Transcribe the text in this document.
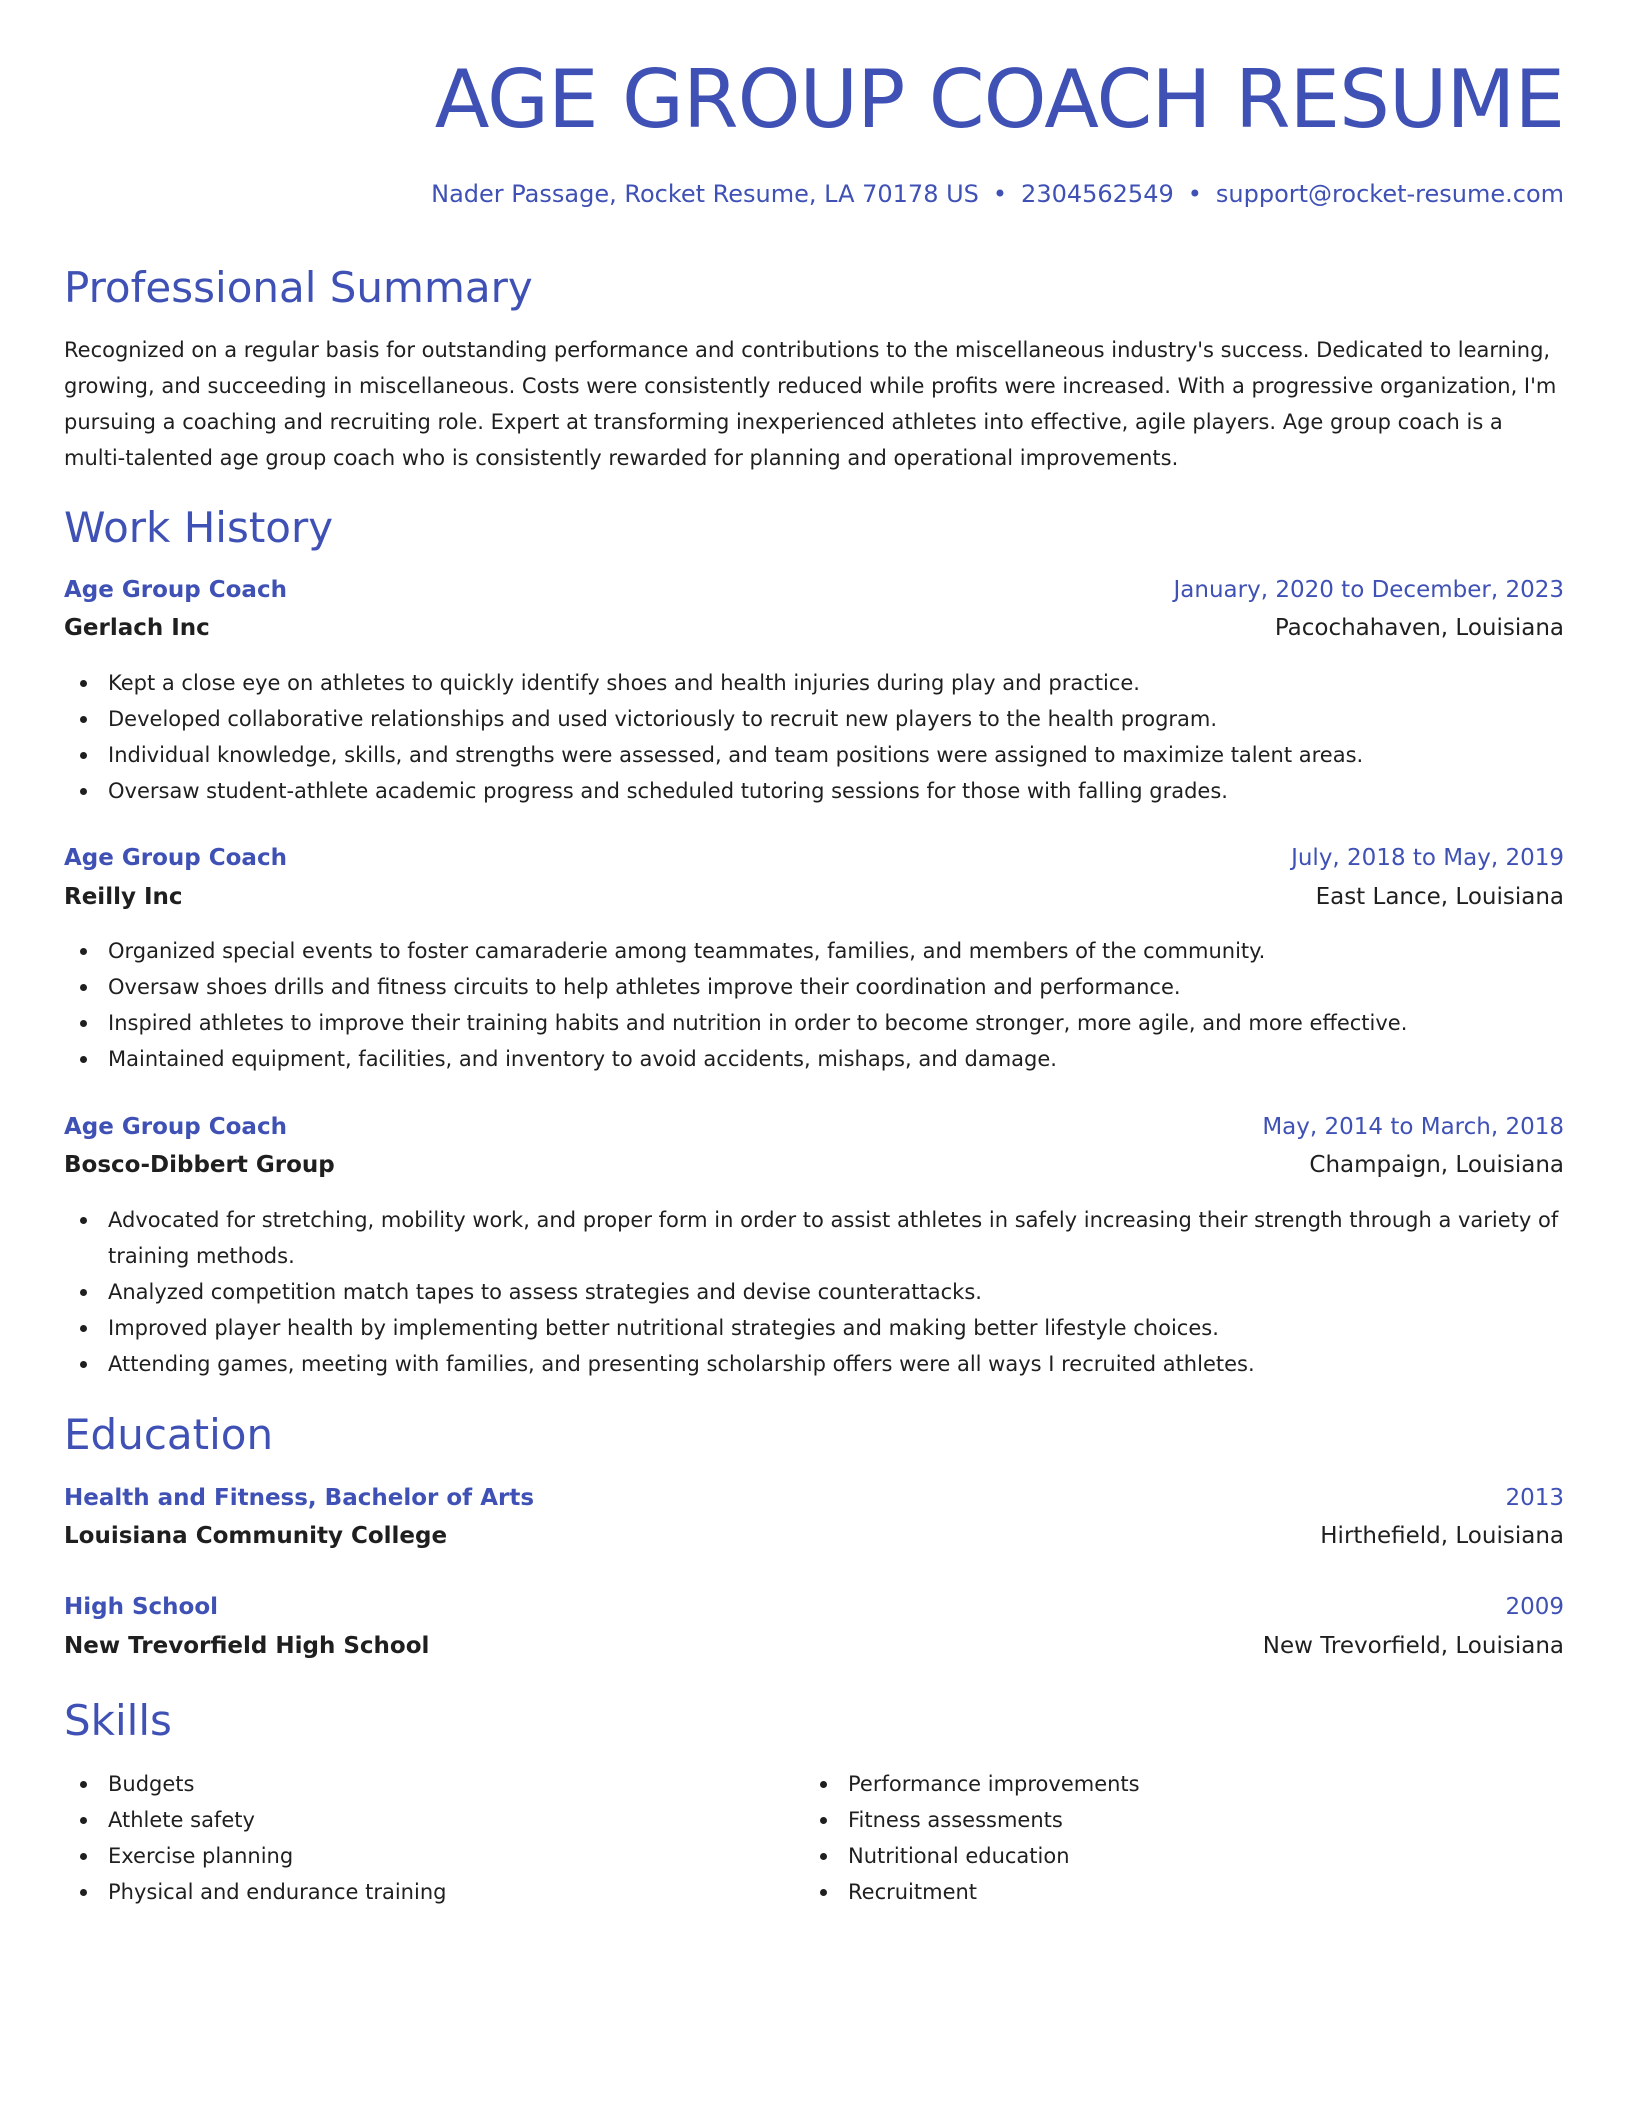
AGE GROUP COACH RESUME
Nader Passage, Rocket Resume, LA 70178 US • 2304562549 • support@rocket-resume.com
Professional Summary

Recognized on a regular basis for outstanding performance and contributions to the miscellaneous industry's success. Dedicated to learning, growing, and succeeding in miscellaneous. Costs were consistently reduced while profits were increased. With a progressive organization, I'm pursuing a coaching and recruiting role. Expert at transforming inexperienced athletes into effective, agile players. Age group coach is a multi-talented age group coach who is consistently rewarded for planning and operational improvements.

Work History
Age Group Coach	January, 2020 to December, 2023
Gerlach Inc	Pacochahaven, Louisiana
Kept a close eye on athletes to quickly identify shoes and health injuries during play and practice.
Developed collaborative relationships and used victoriously to recruit new players to the health program.
Individual knowledge, skills, and strengths were assessed, and team positions were assigned to maximize talent areas.
Oversaw student-athlete academic progress and scheduled tutoring sessions for those with falling grades.
Age Group Coach	July, 2018 to May, 2019
Reilly Inc	East Lance, Louisiana
Organized special events to foster camaraderie among teammates, families, and members of the community.
Oversaw shoes drills and fitness circuits to help athletes improve their coordination and performance.
Inspired athletes to improve their training habits and nutrition in order to become stronger, more agile, and more effective.
Maintained equipment, facilities, and inventory to avoid accidents, mishaps, and damage.
Age Group Coach	May, 2014 to March, 2018
Bosco-Dibbert Group	Champaign, Louisiana
Advocated for stretching, mobility work, and proper form in order to assist athletes in safely increasing their strength through a variety of training methods.
Analyzed competition match tapes to assess strategies and devise counterattacks.
Improved player health by implementing better nutritional strategies and making better lifestyle choices.
Attending games, meeting with families, and presenting scholarship offers were all ways I recruited athletes.
Education
Health and Fitness, Bachelor of Arts	2013
Louisiana Community College	Hirthefield, Louisiana
High School	2009
New Trevorfield High School	New Trevorfield, Louisiana
Skills
Budgets
Athlete safety
Exercise planning
Physical and endurance training
Performance improvements
Fitness assessments
Nutritional education
Recruitment
